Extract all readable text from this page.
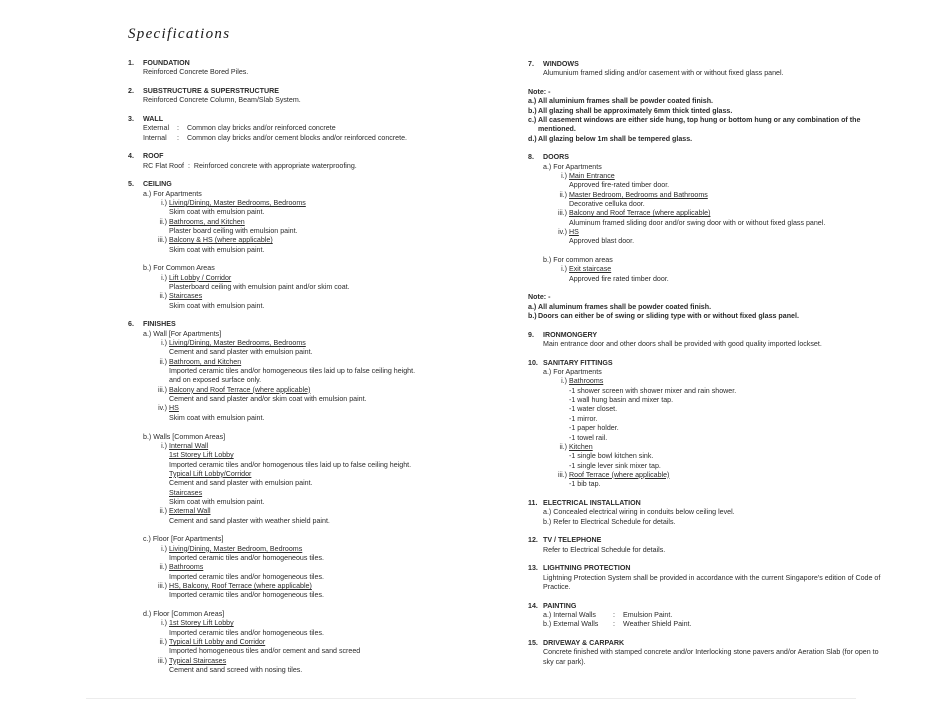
Specifications
1. FOUNDATION
Reinforced Concrete Bored Piles.
2. SUBSTRUCTURE & SUPERSTRUCTURE
Reinforced Concrete Column, Beam/Slab System.
3. WALL
External : Common clay bricks and/or reinforced concrete
Internal : Common clay bricks and/or cement blocks and/or reinforced concrete.
4. ROOF
RC Flat Roof : Reinforced concrete with appropriate waterproofing.
5. CEILING
a.) For Apartments
i.) Living/Dining, Master Bedrooms, Bedrooms
Skim coat with emulsion paint.
ii.) Bathrooms, and Kitchen
Plaster board ceiling with emulsion paint.
iii.) Balcony & HS (where applicable)
Skim coat with emulsion paint.
b.) For Common Areas
i.) Lift Lobby / Corridor
Plasterboard ceiling with emulsion paint and/or skim coat.
ii.) Staircases
Skim coat with emulsion paint.
6. FINISHES
a.) Wall [For Apartments]
i.) Living/Dining, Master Bedrooms, Bedrooms
Cement and sand plaster with emulsion paint.
ii.) Bathroom, and Kitchen
Imported ceramic tiles and/or homogeneous tiles laid up to false ceiling height.
and on exposed surface only.
iii.) Balcony and Roof Terrace (where applicable)
Cement and sand plaster and/or skim coat with emulsion paint.
iv.) HS
Skim coat with emulsion paint.
b.) Walls [Common Areas]
i.) Internal Wall
1st Storey Lift Lobby
Imported ceramic tiles and/or homogenous tiles laid up to false ceiling height.
Typical Lift Lobby/Corridor
Cement and sand plaster with emulsion paint.
Staircases
Skim coat with emulsion paint.
ii.) External Wall
Cement and sand plaster with weather shield paint.
c.) Floor [For Apartments]
i.) Living/Dining, Master Bedroom, Bedrooms
Imported ceramic tiles and/or homogeneous tiles.
ii.) Bathrooms
Imported ceramic tiles and/or homogeneous tiles.
iii.) HS, Balcony, Roof Terrace (where applicable)
Imported ceramic tiles and/or homogeneous tiles.
d.) Floor [Common Areas]
i.) 1st Storey Lift Lobby
Imported ceramic tiles and/or homogeneous tiles.
ii.) Typical Lift Lobby and Corridor
Imported homogeneous tiles and/or cement and sand screed
iii.) Typical Staircases
Cement and sand screed with nosing tiles.
7. WINDOWS
Alumunium framed sliding and/or casement with or without fixed glass panel.
Note: -
a.) All aluminium frames shall be powder coated finish.
b.) All glazing shall be approximately 6mm thick tinted glass.
c.) All casement windows are either side hung, top hung or bottom hung or any combination of the mentioned.
d.) All glazing below 1m shall be tempered glass.
8. DOORS
a.) For Apartments
i.) Main Entrance
Approved fire-rated timber door.
ii.) Master Bedroom, Bedrooms and Bathrooms
Decorative celluka door.
iii.) Balcony and Roof Terrace (where applicable)
Aluminum framed sliding door and/or swing door with or without fixed glass panel.
iv.) HS
Approved blast door.
b.) For common areas
i.) Exit staircase
Approved fire rated timber door.
Note: -
a.) All aluminum frames shall be powder coated finish.
b.) Doors can either be of swing or sliding type with or without fixed glass panel.
9. IRONMONGERY
Main entrance door and other doors shall be provided with good quality imported lockset.
10. SANITARY FITTINGS
a.) For Apartments
i.) Bathrooms
-1 shower screen with shower mixer and rain shower.
-1 wall hung basin and mixer tap.
-1 water closet.
-1 mirror.
-1 paper holder.
-1 towel rail.
ii.) Kitchen
-1 single bowl kitchen sink.
-1 single lever sink mixer tap.
iii.) Roof Terrace (where applicable)
-1 bib tap.
11. ELECTRICAL INSTALLATION
a.) Concealed electrical wiring in conduits below ceiling level.
b.) Refer to Electrical Schedule for details.
12. TV / TELEPHONE
Refer to Electrical Schedule for details.
13. LIGHTNING PROTECTION
Lightning Protection System shall be provided in accordance with the current Singapore's edition of Code of Practice.
14. PAINTING
a.) Internal Walls : Emulsion Paint.
b.) External Walls : Weather Shield Paint.
15. DRIVEWAY & CARPARK
Concrete finished with stamped concrete and/or Interlocking stone pavers and/or Aeration Slab (for open to sky car park).
